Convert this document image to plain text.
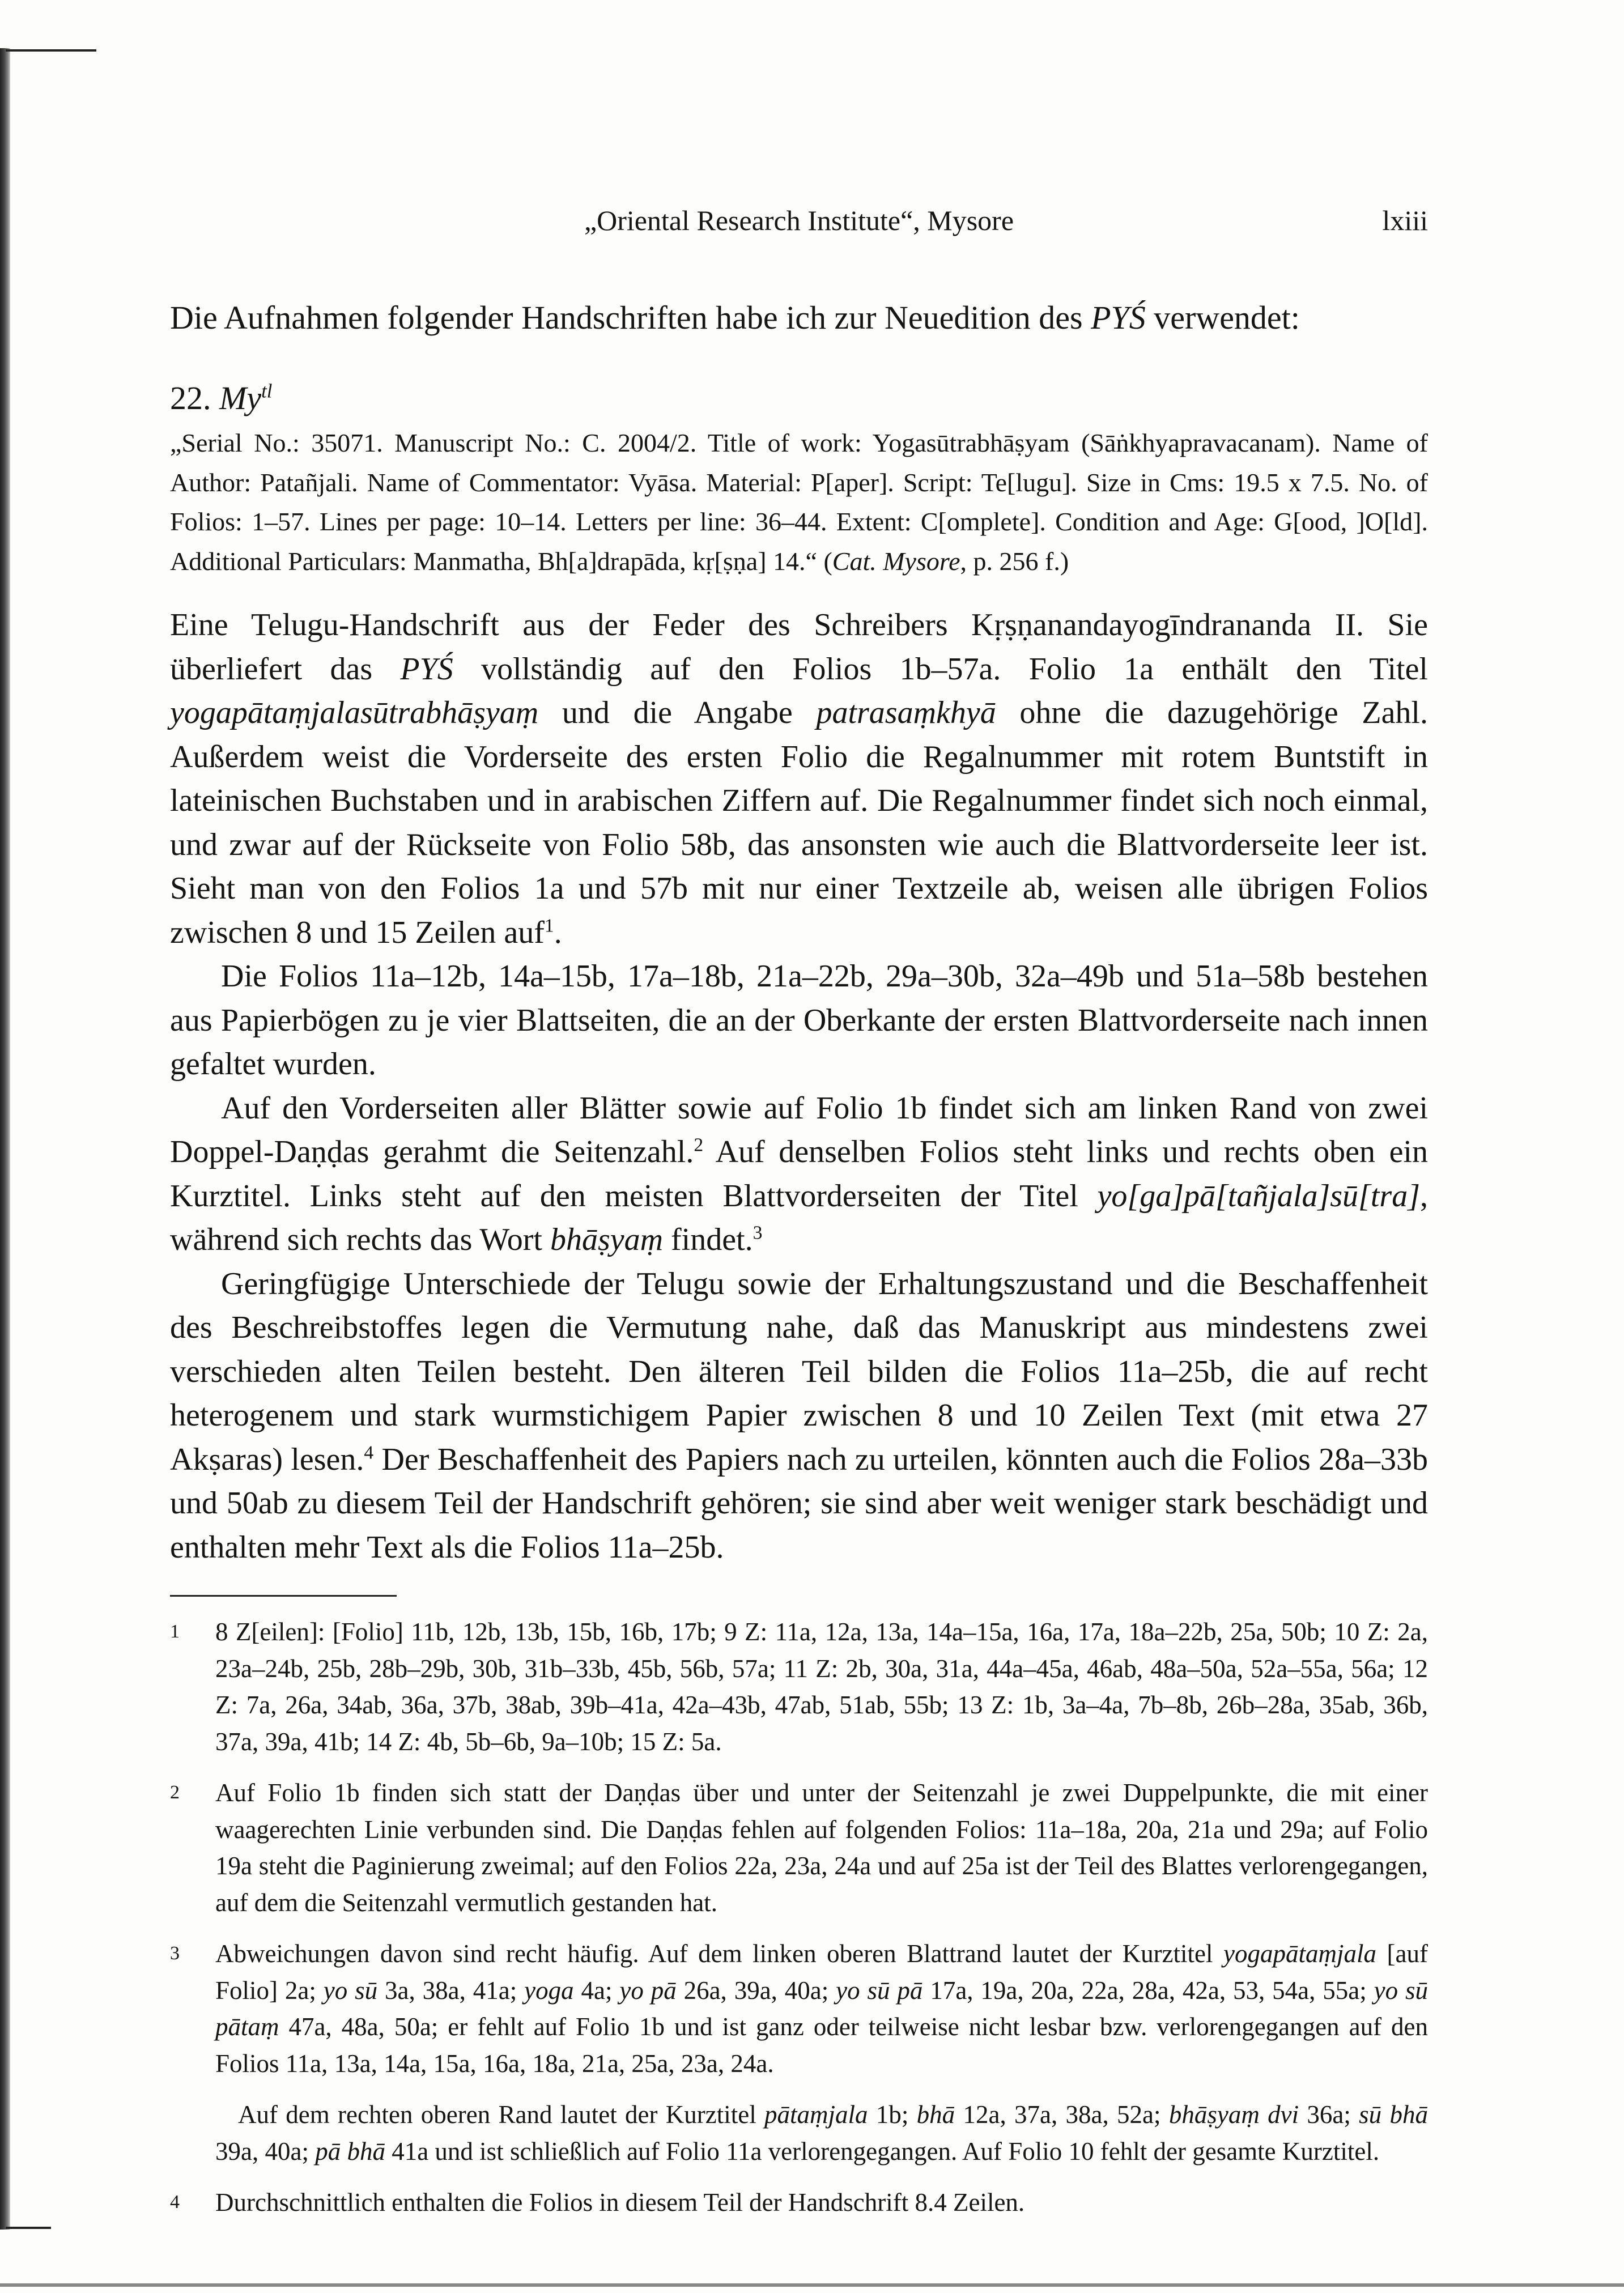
„Oriental Research Institute“, Mysore	lxiii

Die Aufnahmen folgender Handschriften habe ich zur Neuedition des PYŚ verwendet:

22. $My^{tl}$

„Serial No.: 35071. Manuscript No.: C. 2004/2. Title of work: Yogasūtrabhāṣyam (Sāṅkhyapravacanam). Name of Author: Patañjali. Name of Commentator: Vyāsa. Material: P[aper]. Script: Te[lugu]. Size in Cms: 19.5 x 7.5. No. of Folios: 1–57. Lines per page: 10–14. Letters per line: 36–44. Extent: C[omplete]. Condition and Age: G[ood, ]O[ld]. Additional Particulars: Manmatha, Bh[a]drapāda, kṛ[ṣṇa] 14.“ (Cat. Mysore, p. 256 f.)

Eine Telugu-Handschrift aus der Feder des Schreibers Kṛṣṇanandayogīndrananda II. Sie überliefert das PYŚ vollständig auf den Folios 1b–57a. Folio 1a enthält den Titel yogapātaṃjalasūtrabhāṣyaṃ und die Angabe patrasaṃkhyā ohne die dazugehörige Zahl. Außerdem weist die Vorderseite des ersten Folio die Regalnummer mit rotem Buntstift in lateinischen Buchstaben und in arabischen Ziffern auf. Die Regalnummer findet sich noch einmal, und zwar auf der Rückseite von Folio 58b, das ansonsten wie auch die Blattvorderseite leer ist. Sieht man von den Folios 1a und 57b mit nur einer Textzeile ab, weisen alle übrigen Folios zwischen 8 und 15 Zeilen auf$^1$.

Die Folios 11a–12b, 14a–15b, 17a–18b, 21a–22b, 29a–30b, 32a–49b und 51a–58b bestehen aus Papierbögen zu je vier Blattseiten, die an der Oberkante der ersten Blattvorderseite nach innen gefaltet wurden.

Auf den Vorderseiten aller Blätter sowie auf Folio 1b findet sich am linken Rand von zwei Doppel-Daṇḍas gerahmt die Seitenzahl.$^2$ Auf denselben Folios steht links und rechts oben ein Kurztitel. Links steht auf den meisten Blattvorderseiten der Titel yo[ga]pā[tañjala]sū[tra], während sich rechts das Wort bhāṣyaṃ findet.$^3$

Geringfügige Unterschiede der Telugu sowie der Erhaltungszustand und die Beschaffenheit des Beschreibstoffes legen die Vermutung nahe, daß das Manuskript aus mindestens zwei verschieden alten Teilen besteht. Den älteren Teil bilden die Folios 11a–25b, die auf recht heterogenem und stark wurmstichigem Papier zwischen 8 und 10 Zeilen Text (mit etwa 27 Akṣaras) lesen.$^4$ Der Beschaffenheit des Papiers nach zu urteilen, könnten auch die Folios 28a–33b und 50ab zu diesem Teil der Handschrift gehören; sie sind aber weit weniger stark beschädigt und enthalten mehr Text als die Folios 11a–25b.

1 8 Z[eilen]: [Folio] 11b, 12b, 13b, 15b, 16b, 17b; 9 Z: 11a, 12a, 13a, 14a–15a, 16a, 17a, 18a–22b, 25a, 50b; 10 Z: 2a, 23a–24b, 25b, 28b–29b, 30b, 31b–33b, 45b, 56b, 57a; 11 Z: 2b, 30a, 31a, 44a–45a, 46ab, 48a–50a, 52a–55a, 56a; 12 Z: 7a, 26a, 34ab, 36a, 37b, 38ab, 39b–41a, 42a–43b, 47ab, 51ab, 55b; 13 Z: 1b, 3a–4a, 7b–8b, 26b–28a, 35ab, 36b, 37a, 39a, 41b; 14 Z: 4b, 5b–6b, 9a–10b; 15 Z: 5a.
2 Auf Folio 1b finden sich statt der Daṇḍas über und unter der Seitenzahl je zwei Duppelpunkte, die mit einer waagerechten Linie verbunden sind. Die Daṇḍas fehlen auf folgenden Folios: 11a–18a, 20a, 21a und 29a; auf Folio 19a steht die Paginierung zweimal; auf den Folios 22a, 23a, 24a und auf 25a ist der Teil des Blattes verlorengegangen, auf dem die Seitenzahl vermutlich gestanden hat.
3 Abweichungen davon sind recht häufig. Auf dem linken oberen Blattrand lautet der Kurztitel yogapātaṃjala [auf Folio] 2a; yo sū 3a, 38a, 41a; yoga 4a; yo pā 26a, 39a, 40a; yo sū pā 17a, 19a, 20a, 22a, 28a, 42a, 53, 54a, 55a; yo sū pātaṃ 47a, 48a, 50a; er fehlt auf Folio 1b und ist ganz oder teilweise nicht lesbar bzw. verlorengegangen auf den Folios 11a, 13a, 14a, 15a, 16a, 18a, 21a, 25a, 23a, 24a.
Auf dem rechten oberen Rand lautet der Kurztitel pātaṃjala 1b; bhā 12a, 37a, 38a, 52a; bhāṣyaṃ dvi 36a; sū bhā 39a, 40a; pā bhā 41a und ist schließlich auf Folio 11a verlorengegangen. Auf Folio 10 fehlt der gesamte Kurztitel.
4 Durchschnittlich enthalten die Folios in diesem Teil der Handschrift 8.4 Zeilen.
